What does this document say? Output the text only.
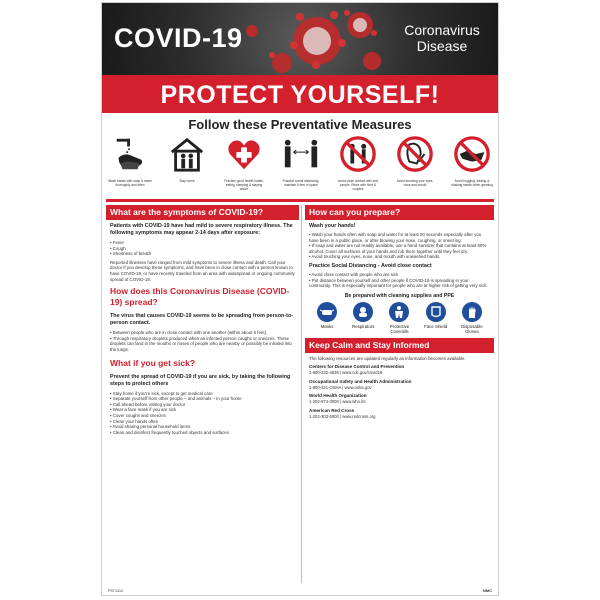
COVID-19	Coronavirus
Disease
PROTECT YOURSELF!
Follow these Preventative Measures
Wash hands with soap & water thoroughly and often
Stay home	Practice good health habits: eating, sleeping & staying active
Practice social distancing, maintain 6 feet of space
Avoid close contact with sick people. Rinse with floor & couples
Avoid touching your eyes, nose and mouth
Avoid hugging, kissing & shaking hands when greeting
What are the symptoms of COVID-19?
Patients with COVID-19 have had mild to severe respiratory illness. The following symptoms may appear 2-14 days after exposure:
• Fever
• Cough
• Shortness of breath
Reported illnesses have ranged from mild symptoms to severe illness and death. Call your doctor if you develop these symptoms, and have been in close contact with a person known to have COVID-19, or have recently traveled from an area with widespread or ongoing community spread of COVID-19.
How does this Coronavirus Disease (COVID-19) spread?
The virus that causes COVID-19 seems to be spreading from person-to-person contact.
• Between people who are in close contact with one another (within about 6 feet).
• Through respiratory droplets produced when an infected person coughs or sneezes. These droplets can land in the mouths or noses of people who are nearby or possibly be inhaled into the lungs.
What if you get sick?
Prevent the spread of COVID-19 if you are sick, by taking the following steps to protect others
• Stay home if you're sick, except to get medical care
• Separate yourself from other people – and animals – in your home
• Call ahead before visiting your doctor
• Wear a face mask if you are sick
• Cover coughs and sneezes
• Clean your hands often
• Avoid sharing personal household items
• Clean and disinfect frequently touched objects and surfaces
How can you prepare?
Wash your hands!
• Wash your hands often with soap and water for at least 20 seconds especially after you have been in a public place, or after blowing your nose, coughing, or sneezing.
• If soap and water are not readily available, use a hand sanitizer that contains at least 60% alcohol. Cover all surfaces of your hands and rub them together until they feel dry.
• Avoid touching your eyes, nose, and mouth with unwashed hands.
Practice Social Distancing - Avoid close contact
• Avoid close contact with people who are sick
• Put distance between yourself and other people if COVID-19 is spreading in your community. This is especially important for people who are at higher risk of getting very sick.
Be prepared with cleaning supplies and PPE
Masks	Respirators	Protective Coveralls
Face Shield	Disposable Gloves
Keep Calm and Stay Informed
The following resources are updated regularly as information becomes available.
Centers for Disease Control and Prevention
1-800-232-4636 | www.cdc.gov/covid19
Occupational Safety and Health Administration
1-800-321-OSHA | www.osha.gov
World Health Organization
1-202-974-3000 | www.who.int
American Red Cross
1-202-303-5000 | www.redcross.org
PST141C	NMC
